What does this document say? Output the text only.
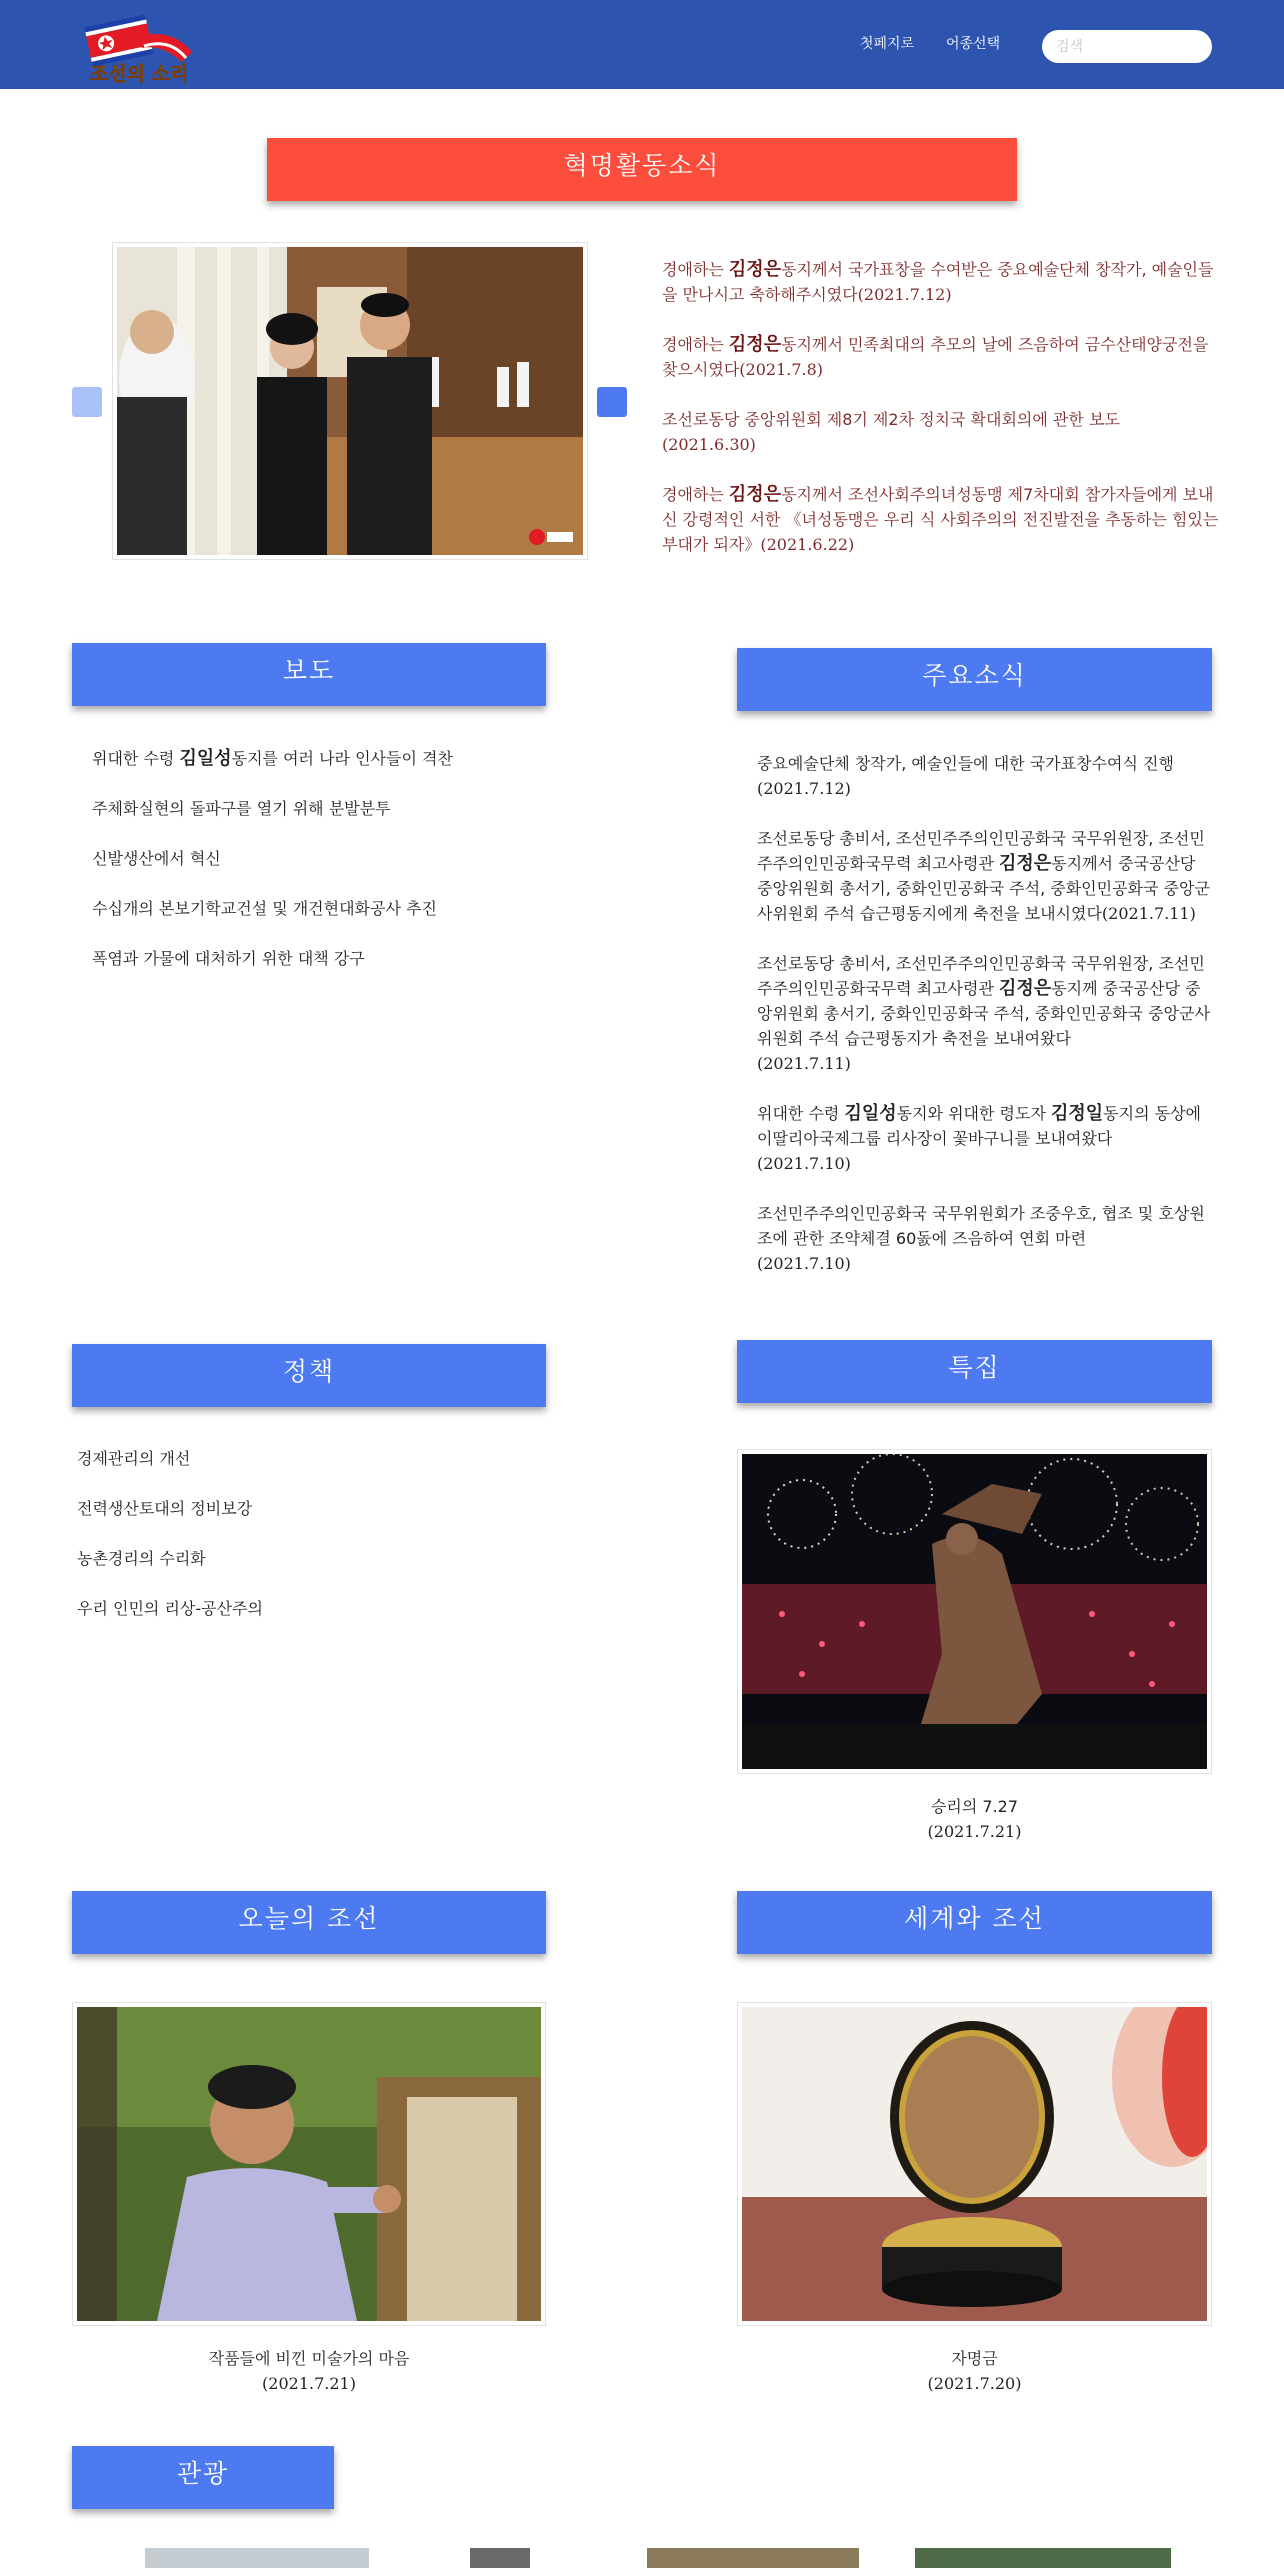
조선의 소리
첫페지로 어종선택
검색
혁명활동소식
경애하는 김정은동지께서 국가표창을 수여받은 중요예술단체 창작가, 예술인들을 만나시고 축하해주시였다(2021.7.12)
경애하는 김정은동지께서 민족최대의 추모의 날에 즈음하여 금수산태양궁전을 찾으시였다(2021.7.8)
조선로동당 중앙위원회 제8기 제2차 정치국 확대회의에 관한 보도
(2021.6.30)
경애하는 김정은동지께서 조선사회주의녀성동맹 제7차대회 참가자들에게 보내신 강령적인 서한 《녀성동맹은 우리 식 사회주의의 전진발전을 추동하는 힘있는 부대가 되자》(2021.6.22)
보도
위대한 수령 김일성동지를 여러 나라 인사들이 격찬
주체화실현의 돌파구를 열기 위해 분발분투
신발생산에서 혁신
수십개의 본보기학교건설 및 개건현대화공사 추진
폭염과 가물에 대처하기 위한 대책 강구
주요소식
중요예술단체 창작가, 예술인들에 대한 국가표창수여식 진행
(2021.7.12)
조선로동당 총비서, 조선민주주의인민공화국 국무위원장, 조선민주주의인민공화국무력 최고사령관 김정은동지께서 중국공산당 중앙위원회 총서기, 중화인민공화국 주석, 중화인민공화국 중앙군사위원회 주석 습근평동지에게 축전을 보내시였다(2021.7.11)
조선로동당 총비서, 조선민주주의인민공화국 국무위원장, 조선민주주의인민공화국무력 최고사령관 김정은동지께 중국공산당 중앙위원회 총서기, 중화인민공화국 주석, 중화인민공화국 중앙군사위원회 주석 습근평동지가 축전을 보내여왔다
(2021.7.11)
위대한 수령 김일성동지와 위대한 령도자 김정일동지의 동상에 이딸리아국제그룹 리사장이 꽃바구니를 보내여왔다
(2021.7.10)
조선민주주의인민공화국 국무위원회가 조중우호, 협조 및 호상원조에 관한 조약체결 60돐에 즈음하여 연회 마련
(2021.7.10)
정책
경제관리의 개선
전력생산토대의 정비보강
농촌경리의 수리화
우리 인민의 리상-공산주의
특집
승리의 7.27
(2021.7.21)
오늘의 조선
작품들에 비낀 미술가의 마음
(2021.7.21)
세계와 조선
자명금
(2021.7.20)
관광
